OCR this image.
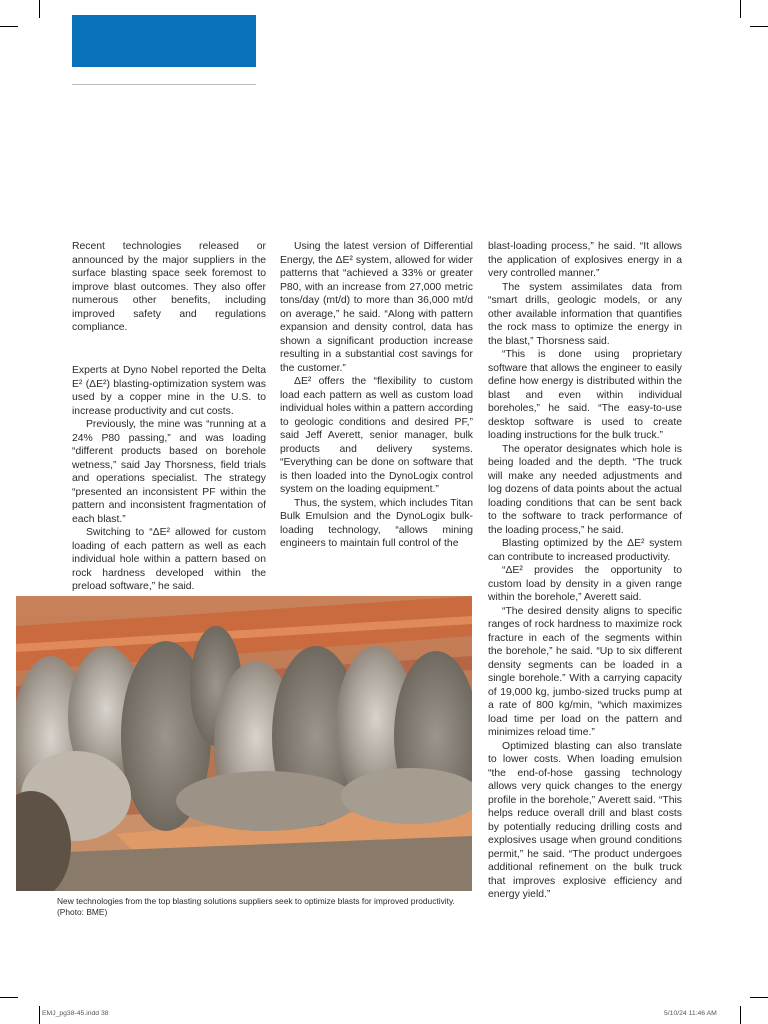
Recent technologies released or announced by the major suppliers in the surface blasting space seek foremost to improve blast outcomes. They also offer numerous other benefits, including improved safety and regulations compliance.

Experts at Dyno Nobel reported the Delta E² (ΔE²) blasting-optimization system was used by a copper mine in the U.S. to increase productivity and cut costs.

Previously, the mine was “running at a 24% P80 passing,” and was loading “different products based on borehole wetness,” said Jay Thorsness, field trials and operations specialist. The strategy “presented an inconsistent PF within the pattern and inconsistent fragmentation of each blast.”

Switching to “ΔE² allowed for custom loading of each pattern as well as each individual hole within a pattern based on rock hardness developed within the preload software,” he said.

Using the latest version of Differential Energy, the ΔE² system, allowed for wider patterns that “achieved a 33% or greater P80, with an increase from 27,000 metric tons/day (mt/d) to more than 36,000 mt/d on average,” he said. “Along with pattern expansion and density control, data has shown a significant production increase resulting in a substantial cost savings for the customer.”

ΔE² offers the “flexibility to custom load each pattern as well as custom load individual holes within a pattern according to geologic conditions and desired PF,” said Jeff Averett, senior manager, bulk products and delivery systems. “Everything can be done on software that is then loaded into the DynoLogix control system on the loading equipment.”

Thus, the system, which includes Titan Bulk Emulsion and the DynoLogix bulk-loading technology, “allows mining engineers to maintain full control of the

blast-loading process,” he said. “It allows the application of explosives energy in a very controlled manner.”

The system assimilates data from “smart drills, geologic models, or any other available information that quantifies the rock mass to optimize the energy in the blast,” Thorsness said.

“This is done using proprietary software that allows the engineer to easily define how energy is distributed within the blast and even within individual boreholes,” he said. “The easy-to-use desktop software is used to create loading instructions for the bulk truck.”

The operator designates which hole is being loaded and the depth. “The truck will make any needed adjustments and log dozens of data points about the actual loading conditions that can be sent back to the software to track performance of the loading process,” he said.

Blasting optimized by the ΔE² system can contribute to increased productivity.

“ΔE² provides the opportunity to custom load by density in a given range within the borehole,” Averett said.

“The desired density aligns to specific ranges of rock hardness to maximize rock fracture in each of the segments within the borehole,” he said. “Up to six different density segments can be loaded in a single borehole.” With a carrying capacity of 19,000 kg, jumbo-sized trucks pump at a rate of 800 kg/min, “which maximizes load time per load on the pattern and minimizes reload time.”

Optimized blasting can also translate to lower costs. When loading emulsion “the end-of-hose gassing technology allows very quick changes to the energy profile in the borehole,” Averett said. “This helps reduce overall drill and blast costs by potentially reducing drilling costs and explosives usage when ground conditions permit,” he said. “The product undergoes additional refinement on the bulk truck that improves explosive efficiency and energy yield.”

New technologies from the top blasting solutions suppliers seek to optimize blasts for improved productivity. (Photo: BME)
EMJ_pg38-45.indd 38	5/10/24 11:46 AM
